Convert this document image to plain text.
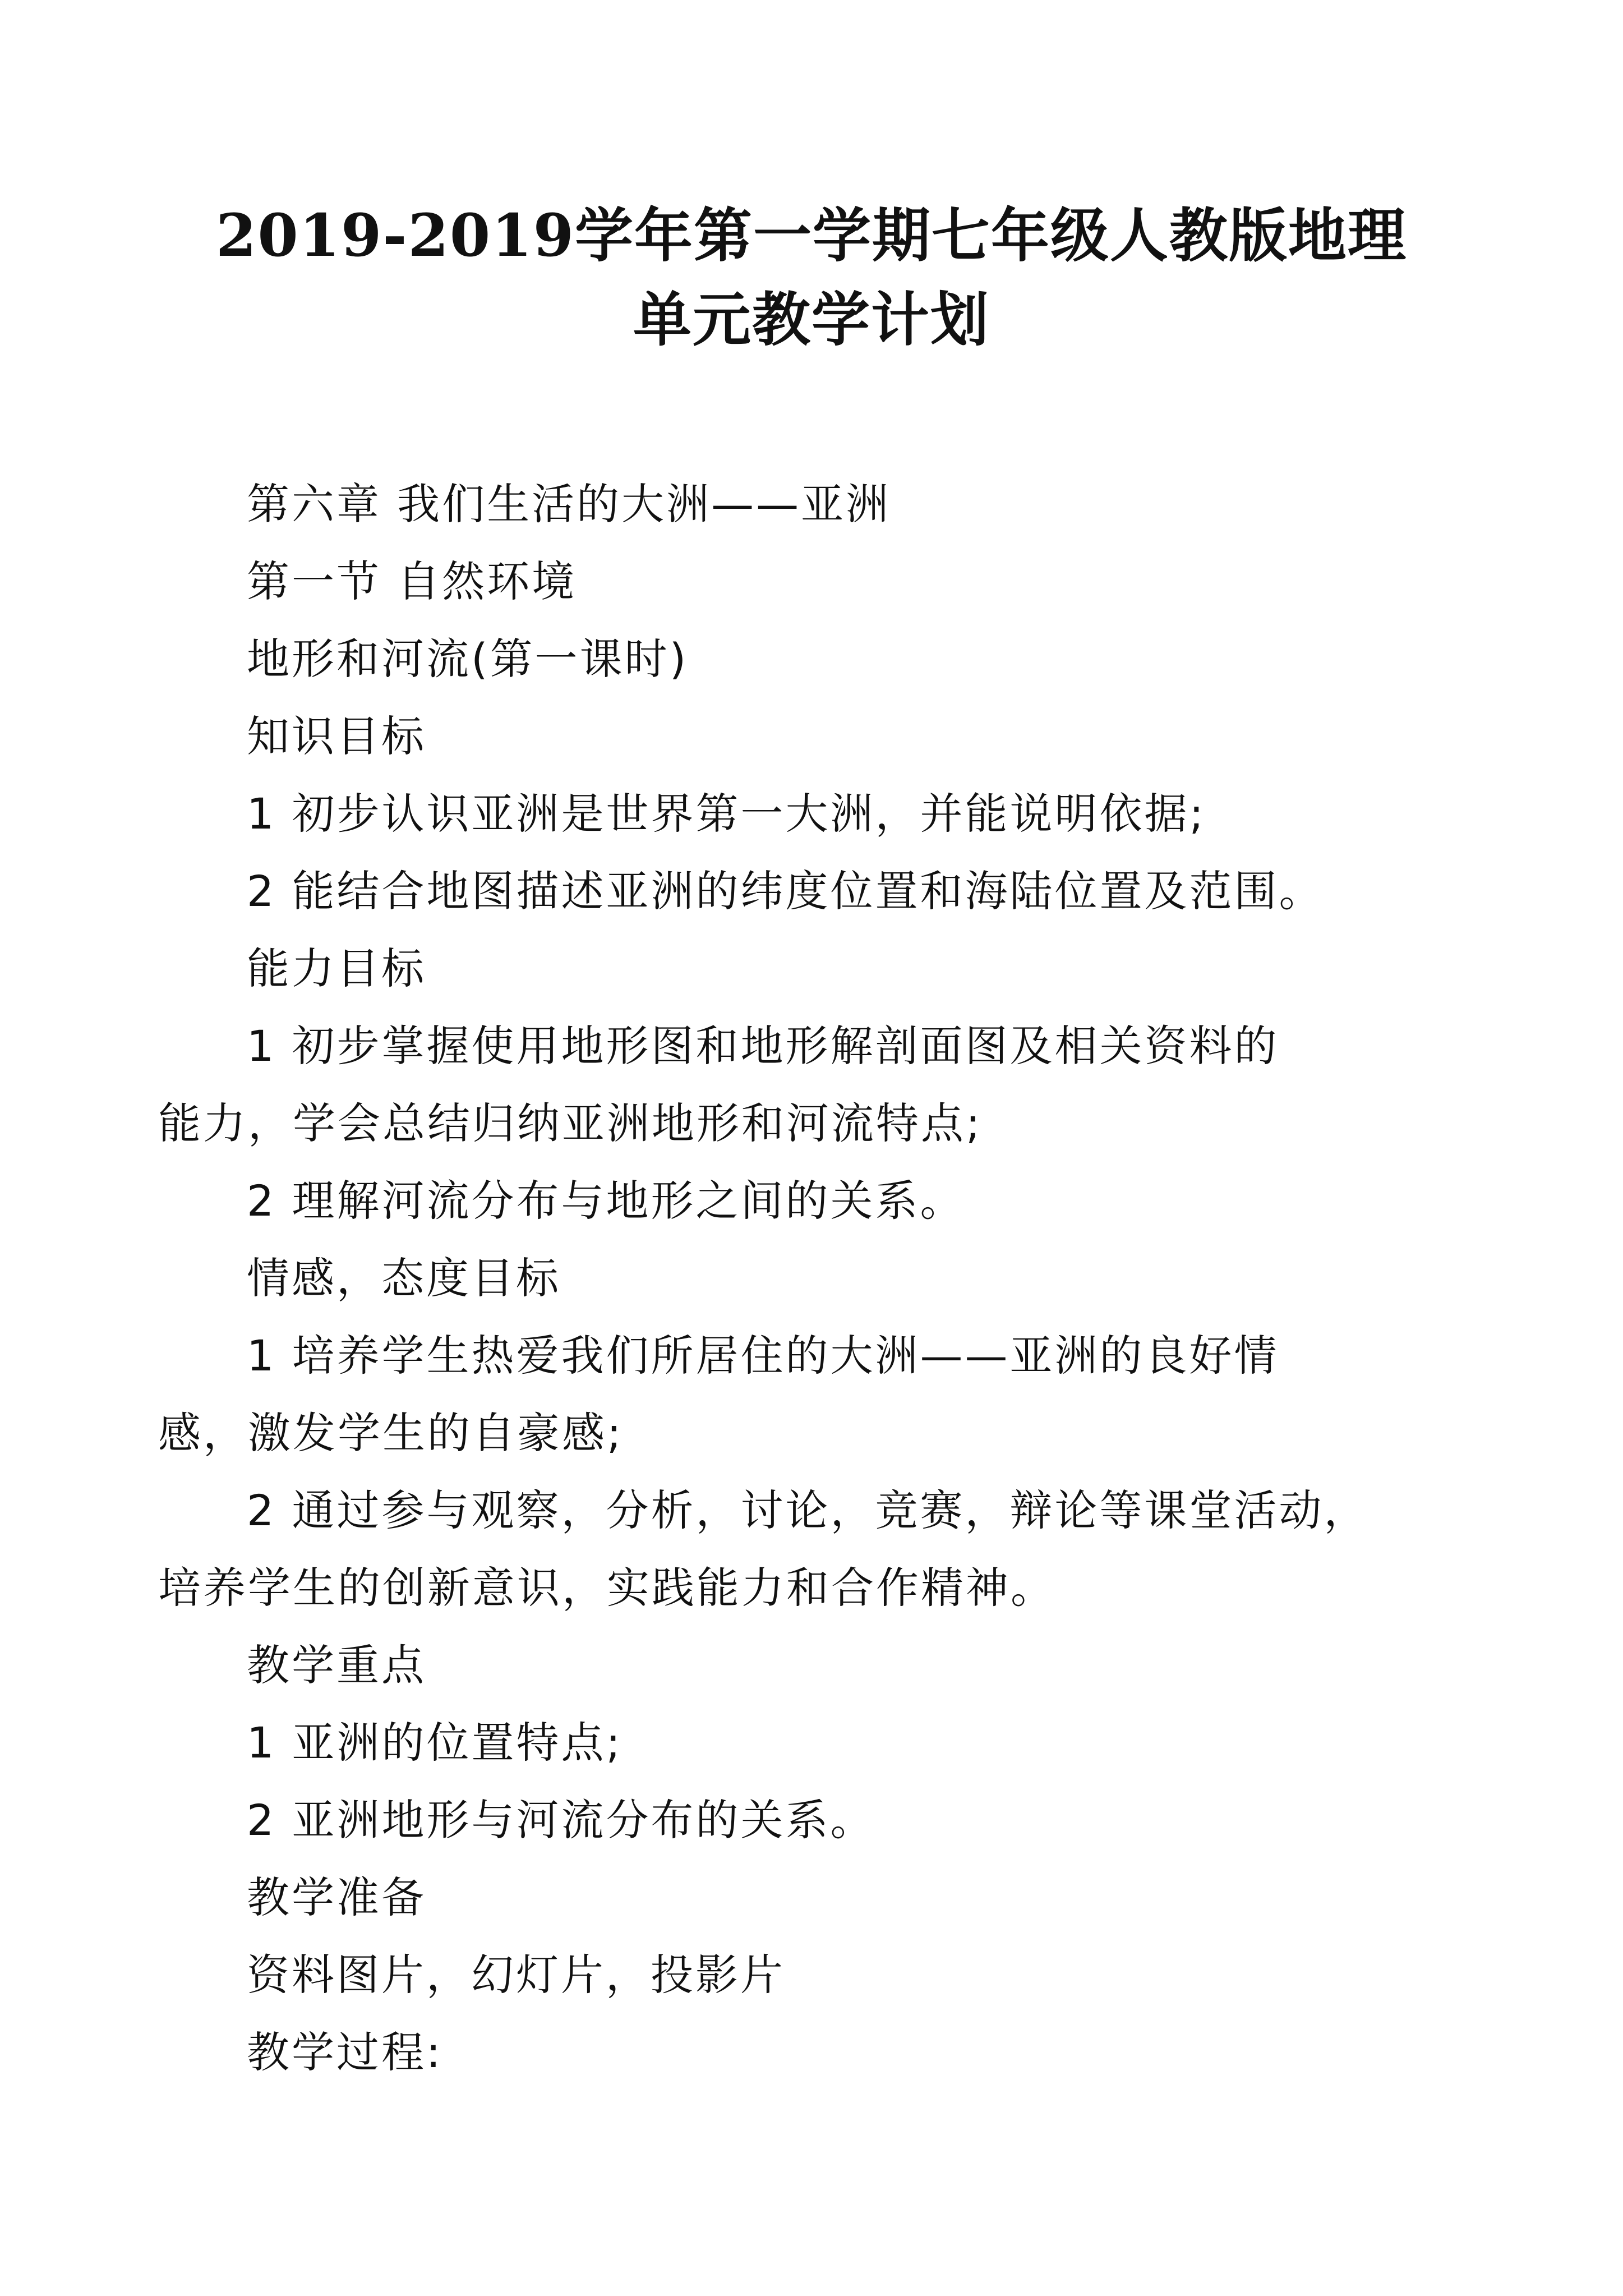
2019-2019学年第一学期七年级人教版地理
单元教学计划
第六章 我们生活的大洲——亚洲
第一节 自然环境
地形和河流(第一课时)
知识目标
1 初步认识亚洲是世界第一大洲，并能说明依据;
2 能结合地图描述亚洲的纬度位置和海陆位置及范围。
能力目标
1 初步掌握使用地形图和地形解剖面图及相关资料的
能力，学会总结归纳亚洲地形和河流特点;
2 理解河流分布与地形之间的关系。
情感，态度目标
1 培养学生热爱我们所居住的大洲——亚洲的良好情
感，激发学生的自豪感;
2 通过参与观察，分析，讨论，竞赛，辩论等课堂活动，
培养学生的创新意识，实践能力和合作精神。
教学重点
1 亚洲的位置特点;
2 亚洲地形与河流分布的关系。
教学准备
资料图片，幻灯片，投影片
教学过程:
